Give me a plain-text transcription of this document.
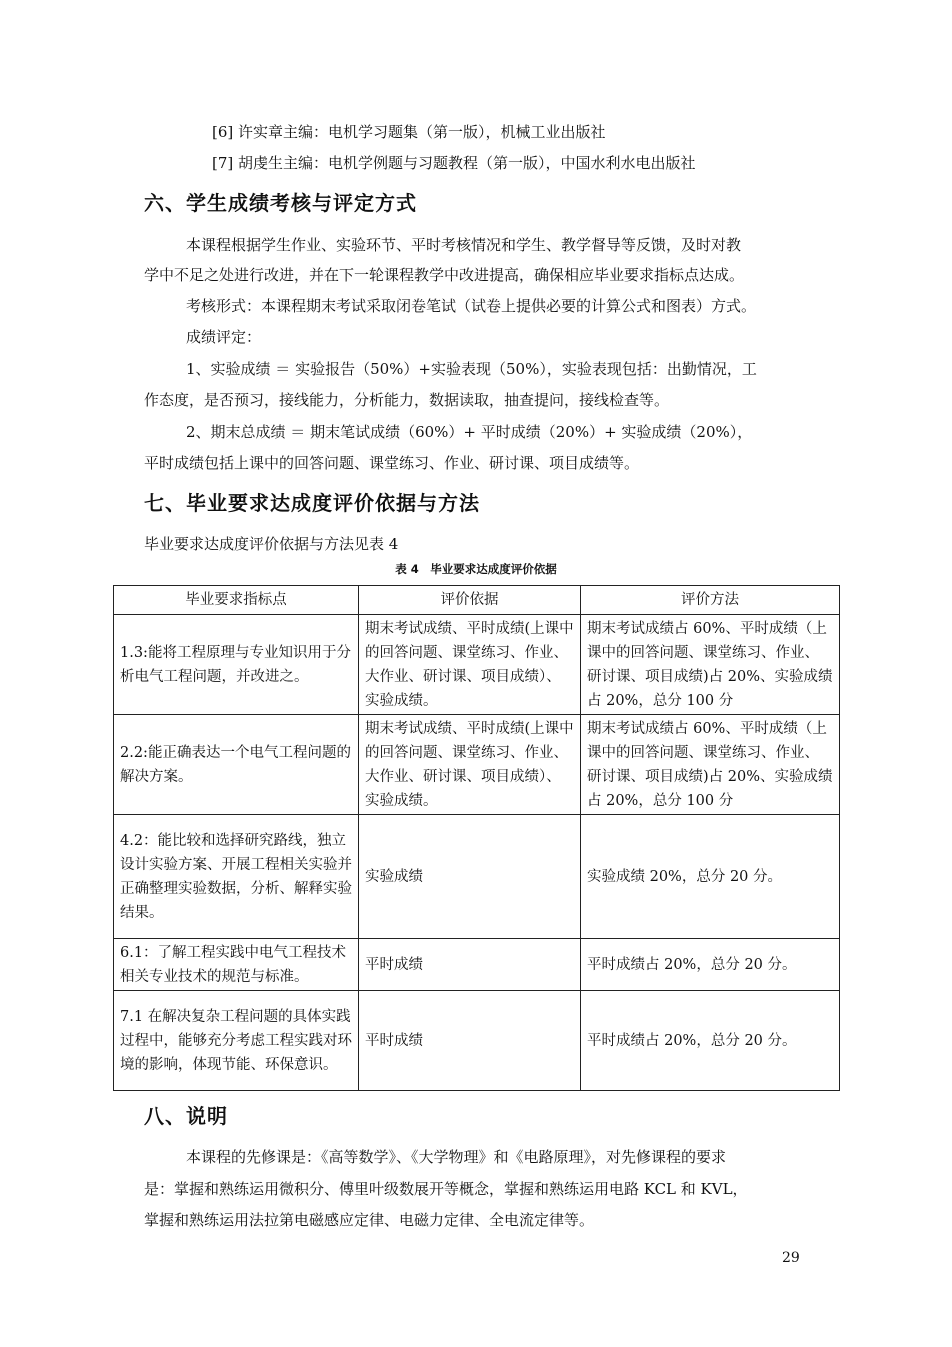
[6] 许实章主编：电机学习题集（第一版），机械工业出版社
[7] 胡虔生主编：电机学例题与习题教程（第一版），中国水利水电出版社
六、学生成绩考核与评定方式
本课程根据学生作业、实验环节、平时考核情况和学生、教学督导等反馈，及时对教
学中不足之处进行改进，并在下一轮课程教学中改进提高，确保相应毕业要求指标点达成。
考核形式：本课程期末考试采取闭卷笔试（试卷上提供必要的计算公式和图表）方式。
成绩评定：
1、实验成绩 ＝ 实验报告（50%）+实验表现（50%），实验表现包括：出勤情况，工
作态度，是否预习，接线能力，分析能力，数据读取，抽查提问，接线检查等。
2、期末总成绩 ＝ 期末笔试成绩（60%）+ 平时成绩（20%）+ 实验成绩（20%），
平时成绩包括上课中的回答问题、课堂练习、作业、研讨课、项目成绩等。
七、毕业要求达成度评价依据与方法
毕业要求达成度评价依据与方法见表 4
表 4　毕业要求达成度评价依据
毕业要求指标点	评价依据	评价方法
1.3:能将工程原理与专业知识用于分析电气工程问题，并改进之。	期末考试成绩、平时成绩(上课中的回答问题、课堂练习、作业、大作业、研讨课、项目成绩）、实验成绩。	期末考试成绩占 60%、平时成绩（上课中的回答问题、课堂练习、作业、研讨课、项目成绩)占 20%、实验成绩占 20%，总分 100 分
2.2:能正确表达一个电气工程问题的解决方案。	期末考试成绩、平时成绩(上课中的回答问题、课堂练习、作业、大作业、研讨课、项目成绩）、实验成绩。	期末考试成绩占 60%、平时成绩（上课中的回答问题、课堂练习、作业、研讨课、项目成绩)占 20%、实验成绩占 20%，总分 100 分
4.2：能比较和选择研究路线，独立设计实验方案、开展工程相关实验并正确整理实验数据，分析、解释实验结果。	实验成绩	实验成绩 20%，总分 20 分。
6.1：了解工程实践中电气工程技术相关专业技术的规范与标准。	平时成绩	平时成绩占 20%，总分 20 分。
7.1 在解决复杂工程问题的具体实践过程中，能够充分考虑工程实践对环境的影响，体现节能、环保意识。	平时成绩	平时成绩占 20%，总分 20 分。
八、说明
本课程的先修课是：《高等数学》、《大学物理》和《电路原理》，对先修课程的要求
是：掌握和熟练运用微积分、傅里叶级数展开等概念，掌握和熟练运用电路 KCL 和 KVL，
掌握和熟练运用法拉第电磁感应定律、电磁力定律、全电流定律等。
29
